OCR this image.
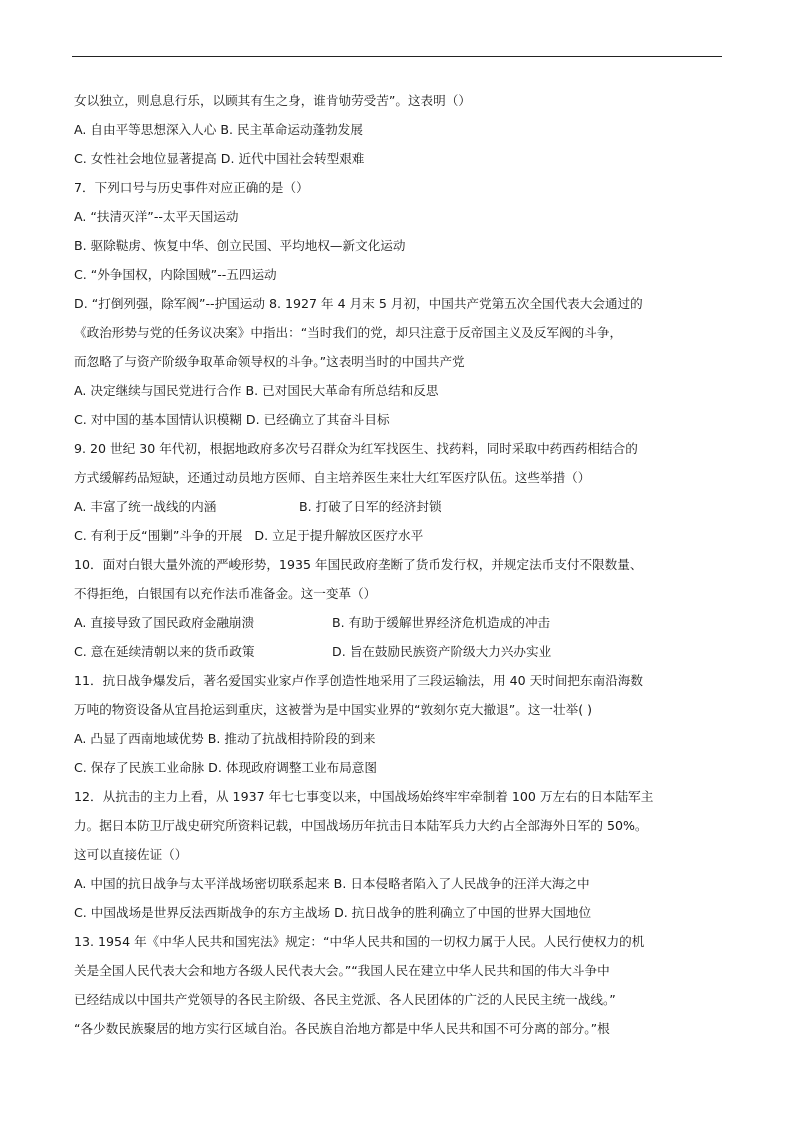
女以独立，则息息行乐，以顾其有生之身，谁肯劬劳受苦”。这表明（）
A. 自由平等思想深入人心 B. 民主革命运动蓬勃发展
C. 女性社会地位显著提高 D. 近代中国社会转型艰难
7．下列口号与历史事件对应正确的是（）
A. “扶清灭洋”--太平天国运动
B. 驱除鞑虏、恢复中华、创立民国、平均地权—新文化运动
C. “外争国权，内除国贼”--五四运动
D. “打倒列强，除军阀”--护国运动 8. 1927 年 4 月末 5 月初，中国共产党第五次全国代表大会通过的
《政治形势与党的任务议决案》中指出：“当时我们的党，却只注意于反帝国主义及反军阀的斗争，
而忽略了与资产阶级争取革命领导权的斗争。”这表明当时的中国共产党
A. 决定继续与国民党进行合作 B. 已对国民大革命有所总结和反思
C. 对中国的基本国情认识模糊 D. 已经确立了其奋斗目标
9. 20 世纪 30 年代初，根据地政府多次号召群众为红军找医生、找药料，同时采取中药西药相结合的
方式缓解药品短缺，还通过动员地方医师、自主培养医生来壮大红军医疗队伍。这些举措（）
A. 丰富了统一战线的内涵	B. 打破了日军的经济封锁
C. 有利于反“围剿”斗争的开展 D. 立足于提升解放区医疗水平
10．面对白银大量外流的严峻形势，1935 年国民政府垄断了货币发行权，并规定法币支付不限数量、
不得拒绝，白银国有以充作法币准备金。这一变革（）
A. 直接导致了国民政府金融崩溃	B. 有助于缓解世界经济危机造成的冲击
C. 意在延续清朝以来的货币政策	D. 旨在鼓励民族资产阶级大力兴办实业
11．抗日战争爆发后，著名爱国实业家卢作孚创造性地采用了三段运输法，用 40 天时间把东南沿海数
万吨的物资设备从宜昌抢运到重庆，这被誉为是中国实业界的“敦刻尔克大撤退”。这一壮举( )
A. 凸显了西南地域优势 B. 推动了抗战相持阶段的到来
C. 保存了民族工业命脉 D. 体现政府调整工业布局意图
12．从抗击的主力上看，从 1937 年七七事变以来，中国战场始终牢牢牵制着 100 万左右的日本陆军主
力。据日本防卫厅战史研究所资料记载，中国战场历年抗击日本陆军兵力大约占全部海外日军的 50%。
这可以直接佐证（）
A. 中国的抗日战争与太平洋战场密切联系起来 B. 日本侵略者陷入了人民战争的汪洋大海之中
C. 中国战场是世界反法西斯战争的东方主战场 D. 抗日战争的胜利确立了中国的世界大国地位
13. 1954 年《中华人民共和国宪法》规定：“中华人民共和国的一切权力属于人民。人民行使权力的机
关是全国人民代表大会和地方各级人民代表大会。”“我国人民在建立中华人民共和国的伟大斗争中
已经结成以中国共产党领导的各民主阶级、各民主党派、各人民团体的广泛的人民民主统一战线。”
“各少数民族聚居的地方实行区域自治。各民族自治地方都是中华人民共和国不可分离的部分。”根
